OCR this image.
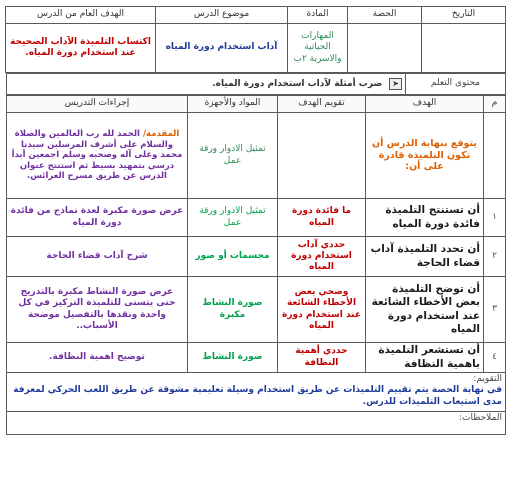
التاريخ	الحصة	المادة	موضوع الدرس	الهدف العام من الدرس
		المهارات الحياتية والاسرية ٢ب	آداب استخدام دورة المياه	اكتساب التلميذة الآداب الصحيحة عند استخدام دورة المياه.
محتوى التعلم	➤ ضرب أمثلة لآداب استخدام دورة المياه.
م	الهدف	تقويم الهدف	المواد والأجهزة	إجراءات التدريس
	يتوقع بنهاية الدرس أن تكون التلميذة قادرة على أن:		تمثيل الادوار ورقة عمل	المقدمة/ الحمد لله رب العالمين والصلاة والسلام على أشرف المرسلين سيدنا محمد وعلى آله وصحبه وسلم اجمعين أبدأ درسي بتمهيد بسيط ثم استنتج عنوان الدرس عن طريق مسرح العرائس.
١	أن تستنتج التلميذة فائدة دورة المياه	ما فائدة دورة المياه	تمثيل الادوار ورقة عمل	عرض صورة مكبرة لعدة نماذج من فائدة دورة المياه
٢	أن تحدد التلميذة آداب قضاء الحاجة	حددي آداب استخدام دورة المياه	مجسمات أو صور	شرح آداب قضاء الحاجة
٣	أن توضح التلميذة بعض الأخطاء الشائعة عند استخدام دورة المياه	وضحي بعض الأخطاء الشائعة عند استخدام دورة المياه	صورة النشاط مكبرة	عرض صورة النشاط مكبرة بالتدريج حتى يتسنى للتلميذة التركيز في كل واحدة ونقدها بالتفصيل موضحة الأسباب..
٤	أن تستشعر التلميذة باهمية النظافة	حددي أهمية النظافة	صورة النشاط	توضيح اهمية النظافة.

التقويم:
في نهاية الحصة يتم تقييم التلميذات عن طريق استخدام وسيلة تعليمية مشوقة عن طريق اللعب الحركي لمعرفة مدى استيعاب التلميذات للدرس.				

الملاحظات:				
